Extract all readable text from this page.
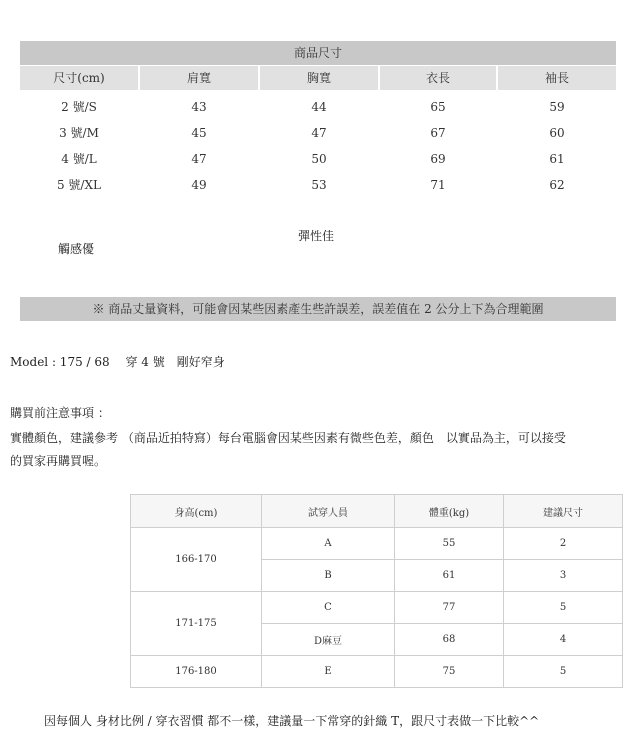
商品尺寸
尺寸(cm)	肩寬	胸寬	衣長	袖長
2 號/S	43	44	65	59
3 號/M	45	47	67	60
4 號/L	47	50	69	61
5 號/XL	49	53	71	62
彈性佳
觸感優
※ 商品丈量資料，可能會因某些因素產生些許誤差，誤差值在 2 公分上下為合理範圍
Model : 175 / 68　 穿 4 號　剛好窄身
購買前注意事項 ：
實體顏色，建議參考 （商品近拍特寫）每台電腦會因某些因素有微些色差，顏色　以實品為主，可以接受
的買家再購買喔。
身高(cm)	試穿人員	體重(kg)	建議尺寸
166-170	A	55	2
	B	61	3
171-175	C	77	5
	D麻豆	68	4
176-180	E	75	5
因每個人 身材比例 / 穿衣習慣 都不一樣，建議量一下常穿的針織 T，跟尺寸表做一下比較^^
